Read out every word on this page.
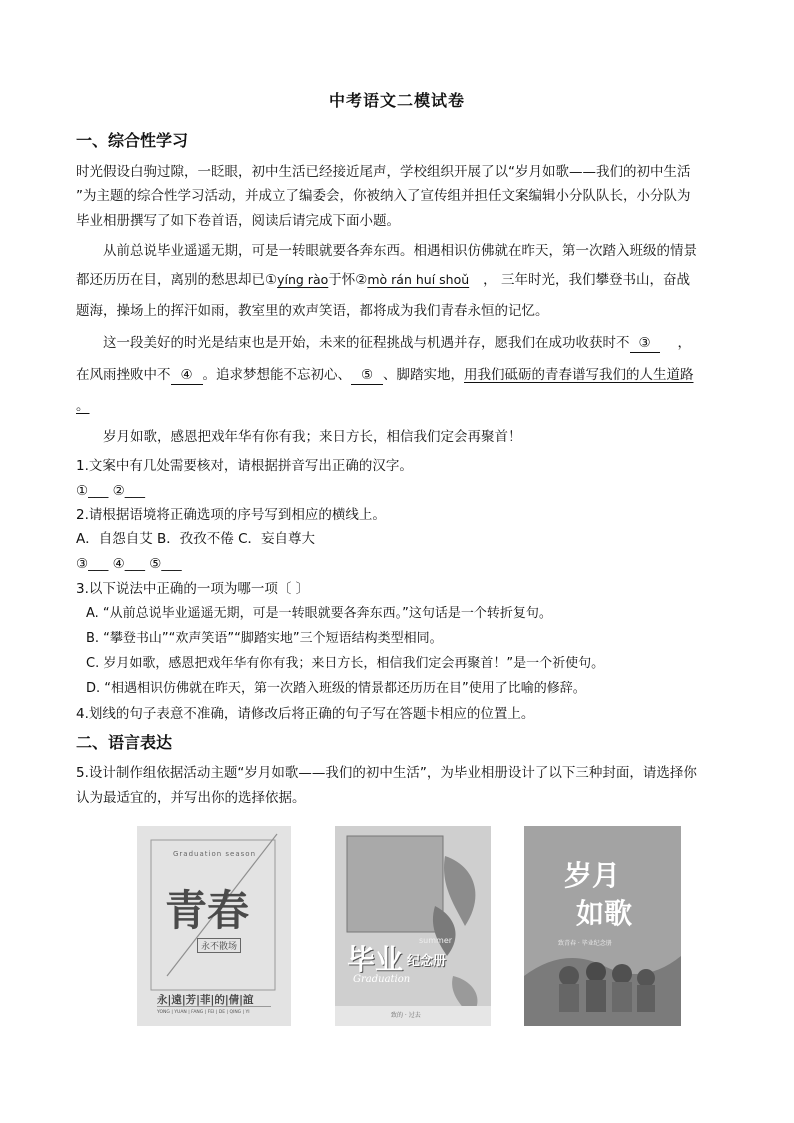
中考语文二模试卷
一、综合性学习
时光假设白驹过隙，一眨眼，初中生活已经接近尾声，学校组织开展了以“岁月如歌——我们的初中生活
”为主题的综合性学习活动，并成立了编委会，你被纳入了宣传组并担任文案编辑小分队队长，小分队为
毕业相册撰写了如下卷首语，阅读后请完成下面小题。
从前总说毕业遥遥无期，可是一转眼就要各奔东西。相遇相识仿佛就在昨天，第一次踏入班级的情景
都还历历在目，离别的愁思却已①yíng rào于怀②mò rán huí shoǔ ， 三年时光，我们攀登书山，奋战
题海，操场上的挥汗如雨，教室里的欢声笑语，都将成为我们青春永恒的记忆。
这一段美好的时光是结束也是开始，未来的征程挑战与机遇并存，愿我们在成功收获时不 ③ ，
在风雨挫败中不 ④ 。追求梦想能不忘初心、 ⑤ 、脚踏实地，用我们砥砺的青春谱写我们的人生道路
。
岁月如歌，感恩把戏年华有你有我；来日方长，相信我们定会再聚首！
1.文案中有几处需要核对，请根据拼音写出正确的汉字。
①___ ②___
2.请根据语境将正确选项的序号写到相应的横线上。
A．自怨自艾 B．孜孜不倦 C．妄自尊大
③___ ④___ ⑤___
3.以下说法中正确的一项为哪一项〔 〕
A. “从前总说毕业遥遥无期，可是一转眼就要各奔东西。”这句话是一个转折复句。
B. “攀登书山”“欢声笑语”“脚踏实地”三个短语结构类型相同。
C. 岁月如歌，感恩把戏年华有你有我；来日方长，相信我们定会再聚首！”是一个祈使句。
D. “相遇相识仿佛就在昨天，第一次踏入班级的情景都还历历在目”使用了比喻的修辞。
4.划线的句子表意不准确，请修改后将正确的句子写在答题卡相应的位置上。
二、语言表达
5.设计制作组依据活动主题“岁月如歌——我们的初中生活”，为毕业相册设计了以下三种封面，请选择你
认为最适宜的，并写出你的选择依据。
Graduation season
青春
永不散场
永|遠|芳|菲|的|倩|誼
YONG | YUAN | FANG | FEI | DE | QING | YI
毕业 纪念册
summer
Graduation
致的 · 过去
岁月
如歌
致青春 · 毕业纪念册
